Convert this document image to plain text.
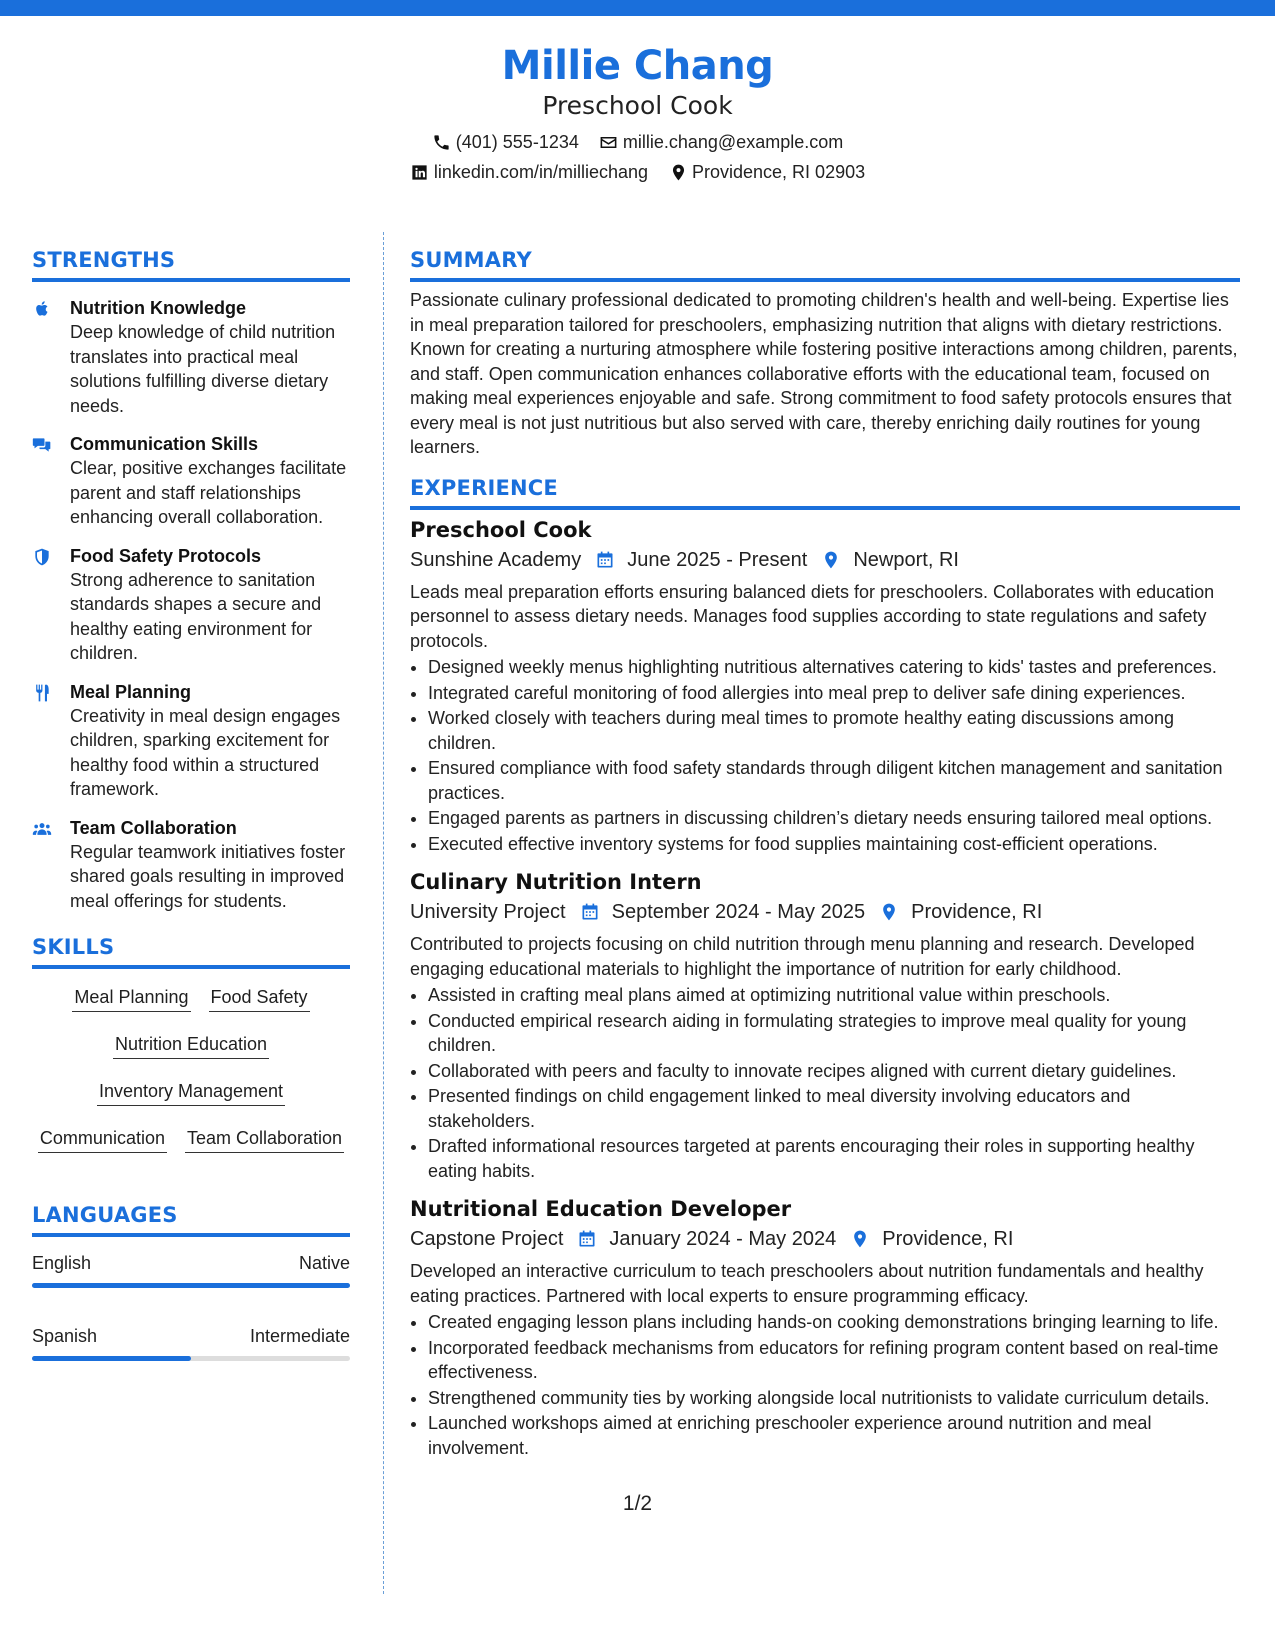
Millie Chang
Preschool Cook
(401) 555-1234 millie.chang@example.com
linkedin.com/in/milliechang Providence, RI 02903
STRENGTHS
Nutrition Knowledge
Deep knowledge of child nutrition translates into practical meal solutions fulfilling diverse dietary needs.
Communication Skills
Clear, positive exchanges facilitate parent and staff relationships enhancing overall collaboration.
Food Safety Protocols
Strong adherence to sanitation standards shapes a secure and healthy eating environment for children.
Meal Planning
Creativity in meal design engages children, sparking excitement for healthy food within a structured framework.
Team Collaboration
Regular teamwork initiatives foster shared goals resulting in improved meal offerings for students.
SKILLS
Meal Planning Food Safety
Nutrition Education
Inventory Management
Communication Team Collaboration
LANGUAGES
English	Native
Spanish	Intermediate
SUMMARY
Passionate culinary professional dedicated to promoting children's health and well-being. Expertise lies in meal preparation tailored for preschoolers, emphasizing nutrition that aligns with dietary restrictions. Known for creating a nurturing atmosphere while fostering positive interactions among children, parents, and staff. Open communication enhances collaborative efforts with the educational team, focused on making meal experiences enjoyable and safe. Strong commitment to food safety protocols ensures that every meal is not just nutritious but also served with care, thereby enriching daily routines for young learners.
EXPERIENCE
Preschool Cook
Sunshine Academy June 2025 - Present Newport, RI
Leads meal preparation efforts ensuring balanced diets for preschoolers. Collaborates with education personnel to assess dietary needs. Manages food supplies according to state regulations and safety protocols.
• Designed weekly menus highlighting nutritious alternatives catering to kids' tastes and preferences.
• Integrated careful monitoring of food allergies into meal prep to deliver safe dining experiences.
• Worked closely with teachers during meal times to promote healthy eating discussions among children.
• Ensured compliance with food safety standards through diligent kitchen management and sanitation practices.
• Engaged parents as partners in discussing children’s dietary needs ensuring tailored meal options.
• Executed effective inventory systems for food supplies maintaining cost-efficient operations.
Culinary Nutrition Intern
University Project September 2024 - May 2025 Providence, RI
Contributed to projects focusing on child nutrition through menu planning and research. Developed engaging educational materials to highlight the importance of nutrition for early childhood.
• Assisted in crafting meal plans aimed at optimizing nutritional value within preschools.
• Conducted empirical research aiding in formulating strategies to improve meal quality for young children.
• Collaborated with peers and faculty to innovate recipes aligned with current dietary guidelines.
• Presented findings on child engagement linked to meal diversity involving educators and stakeholders.
• Drafted informational resources targeted at parents encouraging their roles in supporting healthy eating habits.
Nutritional Education Developer
Capstone Project January 2024 - May 2024 Providence, RI
Developed an interactive curriculum to teach preschoolers about nutrition fundamentals and healthy eating practices. Partnered with local experts to ensure programming efficacy.
• Created engaging lesson plans including hands-on cooking demonstrations bringing learning to life.
• Incorporated feedback mechanisms from educators for refining program content based on real-time effectiveness.
• Strengthened community ties by working alongside local nutritionists to validate curriculum details.
• Launched workshops aimed at enriching preschooler experience around nutrition and meal involvement.
1/2
